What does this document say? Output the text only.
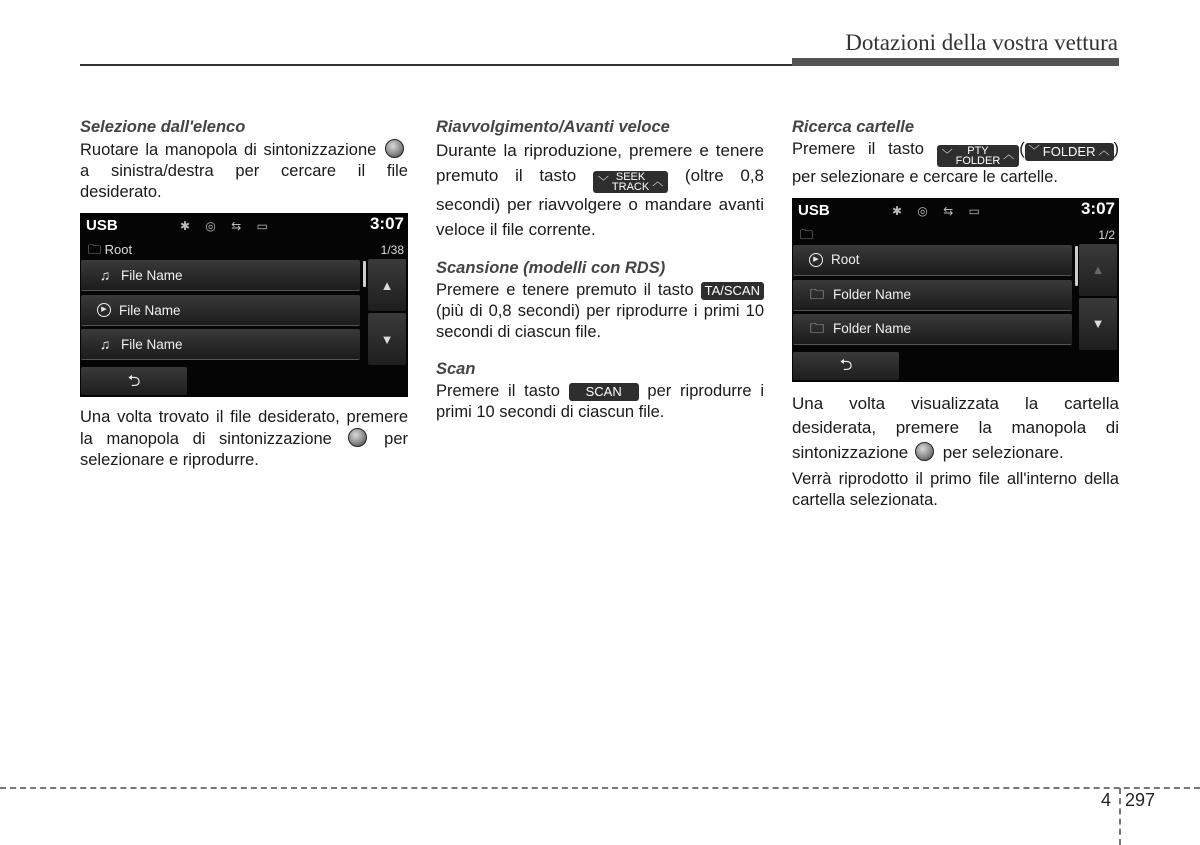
Dotazioni della vostra vettura
Selezione dall'elenco

Ruotare la manopola di sintonizzazione  a sinistra/destra per cercare il file desiderato.

USB	✱ ◎ ⇆ ▭	3:07
🗀 Root	1/38
♫ File Name
▶ File Name
♫ File Name
▲
▼
⮌

Una volta trovato il file desiderato, premere la manopola di sintonizzazione	per selezionare e riprodurre.

Riavvolgimento/Avanti veloce

Durante la riproduzione, premere e tenere premuto il tasto ﹀ SEEK
TRACK ︿ (oltre 0,8 secondi) per riavvolgere o mandare avanti veloce il file corrente.

Scansione (modelli con RDS)

Premere e tenere premuto il tasto TA/SCAN (più di 0,8 secondi) per riprodurre i primi 10 secondi di ciascun file.

Scan

Premere il tasto SCAN per riprodurre i primi 10 secondi di ciascun file.

Ricerca cartelle

Premere il tasto ﹀ PTY
FOLDER ︿ ( ﹀ FOLDER ︿ ) per selezionare e cercare le cartelle.

USB	✱ ◎ ⇆ ▭	3:07
🗀	1/2
▶ Root
🗀 Folder Name
🗀 Folder Name
▲
▼
⮌

Una volta visualizzata la cartella desiderata, premere la manopola di sintonizzazione per selezionare.

Verrà riprodotto il primo file all'interno della cartella selezionata.

4 297
